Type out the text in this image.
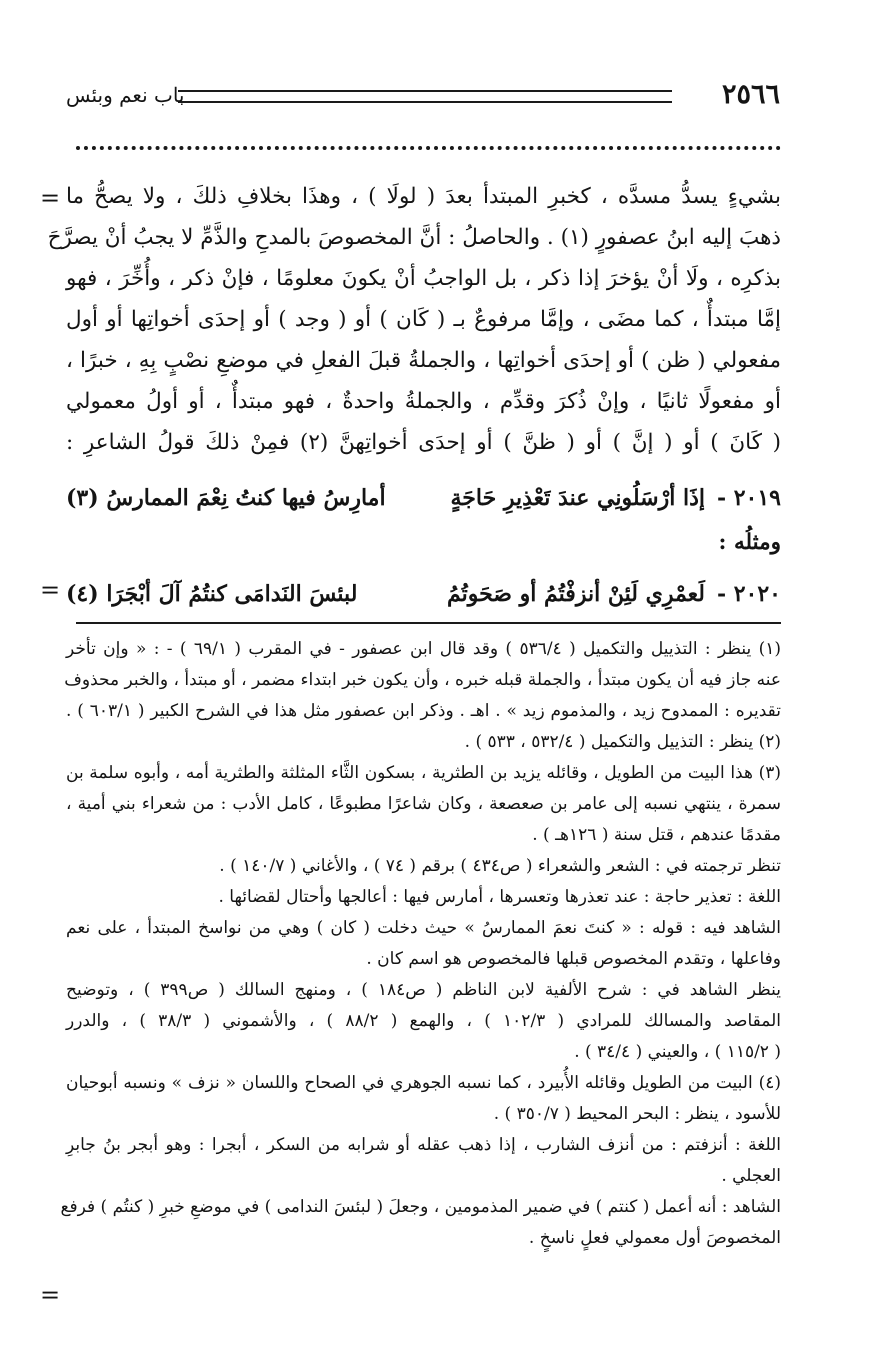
٢٥٦٦
باب نعم وبئس
=
=
=
بشيءٍ يسدُّ مسدَّه ، كخبرِ المبتدأ بعدَ ( لولَا ) ، وهذَا بخلافِ ذلكَ ، ولا يصحُّ ما
ذهبَ إليه ابنُ عصفورٍ (١) . والحاصلُ : أنَّ المخصوصَ بالمدحِ والذَّمِّ لا يجبُ أنْ يصرَّحَ
بذكرِه ، ولَا أنْ يؤخرَ إذا ذكر ، بل الواجبُ أنْ يكونَ معلومًا ، فإنْ ذكر ، وأُخِّرَ ، فهو
إمَّا مبتدأٌ ، كما مضَى ، وإمَّا مرفوعٌ بـ ( كَان ) أو ( وجد ) أو إحدَى أخواتِها أو أول
مفعولي ( ظن ) أو إحدَى أخواتِها ، والجملةُ قبلَ الفعلِ في موضعِ نصْبٍ بِهِ ، خبرًا ،
أو مفعولًا ثانيًا ، وإنْ ذُكرَ وقدِّم ، والجملةُ واحدةٌ ، فهو مبتدأٌ ، أو أولُ معمولي
( كَانَ ) أو ( إنَّ ) أو ( ظنَّ ) أو إحدَى أخواتِهنَّ (٢) فمِنْ ذلكَ قولُ الشاعرِ :
٢٠١٩ -
إذَا أرْسَلُونِي عندَ تَعْذِيرِ حَاجَةٍ
أمارِسُ فيها كنتُ نِعْمَ الممارسُ (٣)
ومثلُه :
٢٠٢٠ -
لَعمْرِي لَئِنْ أنزفْتُمُ أو صَحَوتُمُ
لبئسَ النَدامَى كنتُمُ آلَ أبْجَرَا (٤)
(١) ينظر : التذييل والتكميل ( ٥٣٦/٤ ) وقد قال ابن عصفور - في المقرب ( ٦٩/١ ) - : « وإن تأخر
عنه جاز فيه أن يكون مبتدأ ، والجملة قبله خبره ، وأن يكون خبر ابتداء مضمر ، أو مبتدأ ، والخبر محذوف
تقديره : الممدوح زيد ، والمذموم زيد » . اهـ . وذكر ابن عصفور مثل هذا في الشرح الكبير ( ٦٠٣/١ ) .
(٢) ينظر : التذييل والتكميل ( ٥٣٢/٤ ، ٥٣٣ ) .
(٣) هذا البيت من الطويل ، وقائله يزيد بن الطثرية ، بسكون الثَّاء المثلثة والطثرية أمه ، وأبوه سلمة بن
سمرة ، ينتهي نسبه إلى عامر بن صعصعة ، وكان شاعرًا مطبوعًا ، كامل الأدب : من شعراء بني أمية ،
مقدمًا عندهم ، قتل سنة ( ١٢٦هـ ) .
تنظر ترجمته في : الشعر والشعراء ( ص٤٣٤ ) برقم ( ٧٤ ) ، والأغاني ( ١٤٠/٧ ) .
اللغة : تعذير حاجة : عند تعذرها وتعسرها ، أمارس فيها : أعالجها وأحتال لقضائها .
الشاهد فيه : قوله : « كنتَ نعمَ الممارسُ » حيث دخلت ( كان ) وهي من نواسخ المبتدأ ، على نعم
وفاعلها ، وتقدم المخصوص قبلها فالمخصوص هو اسم كان .
ينظر الشاهد في : شرح الألفية لابن الناظم ( ص١٨٤ ) ، ومنهج السالك ( ص٣٩٩ ) ، وتوضيح
المقاصد والمسالك للمرادي ( ١٠٢/٣ ) ، والهمع ( ٨٨/٢ ) ، والأشموني ( ٣٨/٣ ) ، والدرر
( ١١٥/٢ ) ، والعيني ( ٣٤/٤ ) .
(٤) البيت من الطويل وقائله الأُبيرد ، كما نسبه الجوهري في الصحاح واللسان « نزف » ونسبه أبوحيان
للأسود ، ينظر : البحر المحيط ( ٣٥٠/٧ ) .
اللغة : أنزفتم : من أنزف الشارب ، إذا ذهب عقله أو شرابه من السكر ، أبجرا : وهو أبجر بنُ جابرِ
العجلي .
الشاهد : أنه أعمل ( كنتم ) في ضمير المذمومين ، وجعلَ ( لبئسَ الندامى ) في موضعِ خبرِ ( كنتُم ) فرفع
المخصوصَ أول معمولي فعلٍ ناسخٍ .
